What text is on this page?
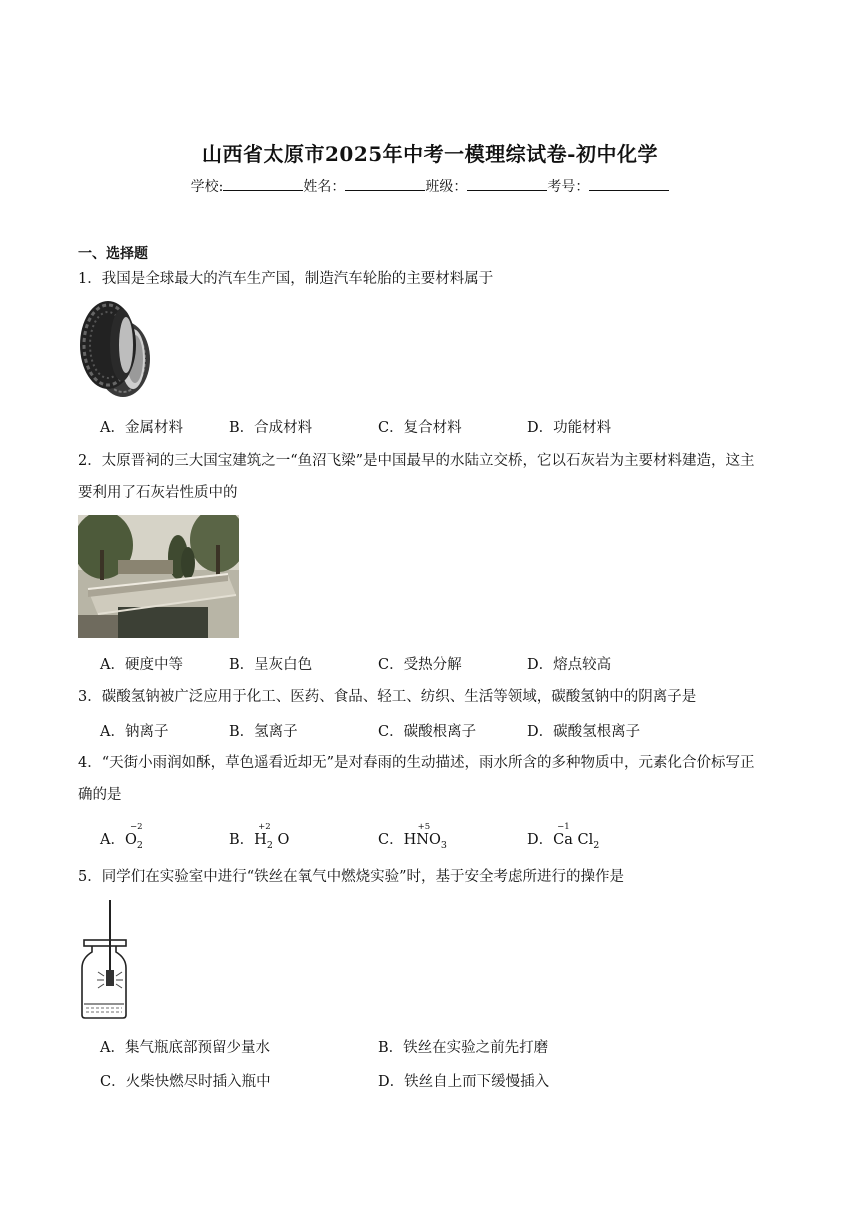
山西省太原市2025年中考一模理综试卷-初中化学
学校:	姓名：	班级：	考号：
一、选择题
1．我国是全球最大的汽车生产国，制造汽车轮胎的主要材料属于
A．金属材料	B．合成材料	C．复合材料	D．功能材料
2．太原晋祠的三大国宝建筑之一“鱼沼飞梁”是中国最早的水陆立交桥，它以石灰岩为主要材料建造，这主
要利用了石灰岩性质中的
A．硬度中等	B．呈灰白色	C．受热分解	D．熔点较高
3．碳酸氢钠被广泛应用于化工、医药、食品、轻工、纺织、生活等领域，碳酸氢钠中的阴离子是
A．钠离子	B．氢离子	C．碳酸根离子	D．碳酸氢根离子
4．“天街小雨润如酥，草色遥看近却无”是对春雨的生动描述，雨水所含的多种物质中，元素化合价标写正
确的是
A．
−2
$O_2$	B．
+2
$H_2$ O	C．
+5
$HNO_3$	D．
−1
Ca $Cl_2$
5．同学们在实验室中进行“铁丝在氧气中燃烧实验”时，基于安全考虑所进行的操作是
A．集气瓶底部预留少量水	B．铁丝在实验之前先打磨
C．火柴快燃尽时插入瓶中	D．铁丝自上而下缓慢插入
